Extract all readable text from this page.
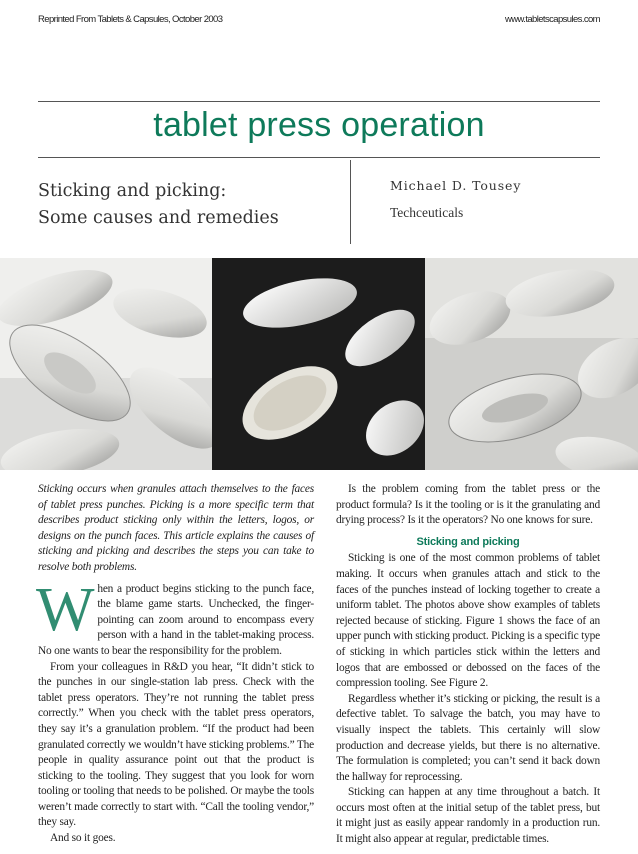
Reprinted From Tablets & Capsules, October 2003	www.tabletscapsules.com
tablet press operation
Sticking and picking:
Some causes and remedies
Michael D. Tousey
Techceuticals

Sticking occurs when granules attach themselves to the faces of tablet press punches. Picking is a more specific term that describes product sticking only within the letters, logos, or designs on the punch faces. This article explains the causes of sticking and picking and describes the steps you can take to resolve both problems.

When a product begins sticking to the punch face, the blame game starts. Unchecked, the finger-pointing can zoom around to encompass every person with a hand in the tablet-making process. No one wants to bear the responsibility for the problem.

From your colleagues in R&D you hear, “It didn’t stick to the punches in our single-station lab press. Check with the tablet press operators. They’re not running the tablet press correctly.” When you check with the tablet press operators, they say it’s a granulation problem. “If the product had been granulated correctly we wouldn’t have sticking problems.” The people in quality assurance point out that the product is sticking to the tooling. They suggest that you look for worn tooling or tooling that needs to be polished. Or maybe the tools weren’t made correctly to start with. “Call the tooling vendor,” they say.

And so it goes.

Is the problem coming from the tablet press or the product formula? Is it the tooling or is it the granulating and drying process? Is it the operators? No one knows for sure.

Sticking and picking

Sticking is one of the most common problems of tablet making. It occurs when granules attach and stick to the faces of the punches instead of locking together to create a uniform tablet. The photos above show examples of tablets rejected because of sticking. Figure 1 shows the face of an upper punch with sticking product. Picking is a specific type of sticking in which particles stick within the letters and logos that are embossed or debossed on the faces of the compression tooling. See Figure 2.

Regardless whether it’s sticking or picking, the result is a defective tablet. To salvage the batch, you may have to visually inspect the tablets. This certainly will slow production and decrease yields, but there is no alternative. The formulation is completed; you can’t send it back down the hallway for reprocessing.

Sticking can happen at any time throughout a batch. It occurs most often at the initial setup of the tablet press, but it might just as easily appear randomly in a production run. It might also appear at regular, predictable times.
